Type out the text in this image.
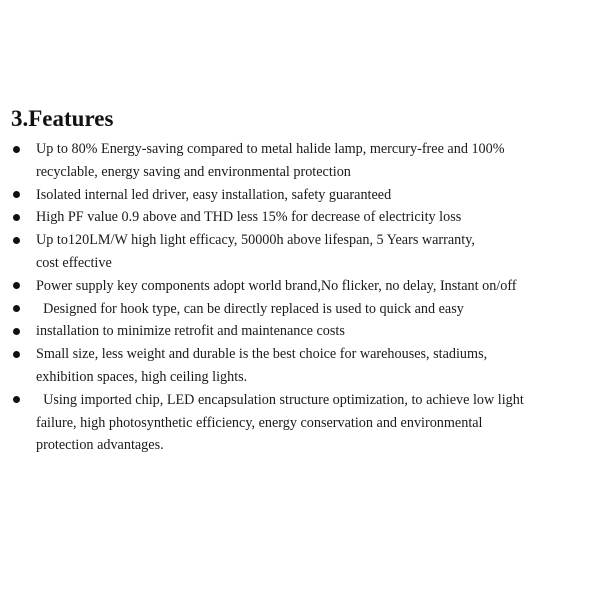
3.Features
Up to 80% Energy-saving compared to metal halide lamp, mercury-free and 100%
recyclable, energy saving and environmental protection
Isolated internal led driver, easy installation, safety guaranteed
High PF value 0.9 above and THD less 15% for decrease of electricity loss
Up to120LM/W high light efficacy, 50000h above lifespan, 5 Years warranty,
cost effective
Power supply key components adopt world brand,No flicker, no delay, Instant on/off
Designed for hook type, can be directly replaced is used to quick and easy
installation to minimize retrofit and maintenance costs
Small size, less weight and durable is the best choice for warehouses, stadiums,
exhibition spaces, high ceiling lights.
Using imported chip, LED encapsulation structure optimization, to achieve low light
failure, high photosynthetic efficiency, energy conservation and environmental
protection advantages.
